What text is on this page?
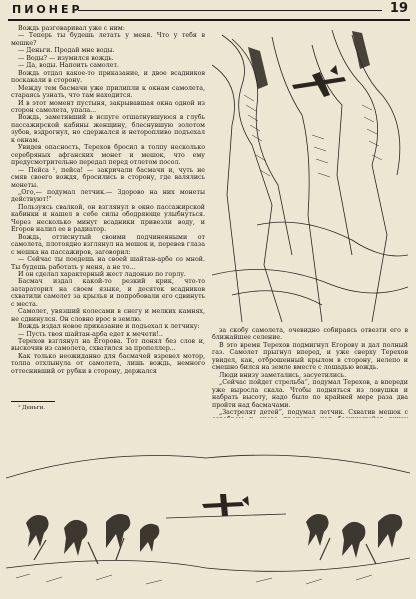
ПИОНЕР	19

Вождь разговаривал уже с ним:

— Теперь ты будешь летать у меня. Что у тебя в мешке?

— Деньги. Продай мне воды.

— Воды? — изумился вождь.

— Да, воды. Напоить самолет.

Вождь отдал какое-то приказание, и двое всадников поскакали в сторону.

Между тем басмачи уже прилипли к окнам самолета, стараясь узнать, что там находится.

И в этот момент пустыня, закрывавшая окна одной из сторон самолета, упала...

Вождь, заметивший в испуге отшатнувшуюся в глубь пассажирской кабины женщину, блеснувшую золотом зубов, вздрогнул, но сдержался и неторопливо подъехал к окнам.

Увидев опасность, Терехов бросил в толпу несколько серебряных афганских монет и мешок, что ему предусмотрительно передал перед отлетом посол.

— Пейса ¹, пейса! — закричали басмачи и, чуть не смяв своего вождя, бросились в сторону, где валялись монеты.

„Ого,— подумал летчик.— Здорово на них монеты действуют!“

Пользуясь свалкой, он взглянул в окно пассажирской кабинки и нашел в себе силы ободряюще улыбнуться. Через несколько минут всадники привезли воду, и Егоров налил ее в радиатор.

Вождь, оттиснутый своими подчиненными от самолета, плотоядно взглянул на мешок и, перевев глаза с мешка на пассажиров, заговорил:

— Сейчас ты поедешь на своей шайтан-арбе со мной. Ты будешь работать у меня, а не то...

И он сделал характерный жест ладонью по горлу.

Басмач издал какой-то резкий крик, что-то затараторил на своем языке, и десяток всадников схватили самолет за крылья и попробовали его сдвинуть с места.

Самолет, увязший колесами в снегу и мелких камнях, не сдвинулся. Он словно врос в землю.

Вождь издал новое приказание и подъехал к летчику:

— Пусть твоя шайтан-арба едет к мечети!..

Терехов взглянул на Егорова. Тот понял без слов и, выскочив из самолета, схватился за пропеллер...

Как только неожиданно для басмачей взревел мотор, толпа отхлынула от самолета, лишь вождь, немного оттеснивший от рубки в сторону, держался

за скобу самолета, очевидно собираясь отвезти его в ближайшее селение.

В это время Терехов подмигнул Егорову и дал полный газ. Самолет прыгнул вперед, и уже сверху Терехов увидел, как, отброшенный крылом в сторону, нелепо и смешно бился на земле вместе с лошадью вождь.

Люди внизу заметались, засуетились.

„Сейчас пойдет стрельба“, подумал Терехов, а впереди уже выросла скала. Чтобы подняться из ловушки и набрать высоту, надо было по крайней мере раза два пройти над басмачами.

„Застрелят детей“, подумал летчик. Схватив мешок с

¹ Деньги.
